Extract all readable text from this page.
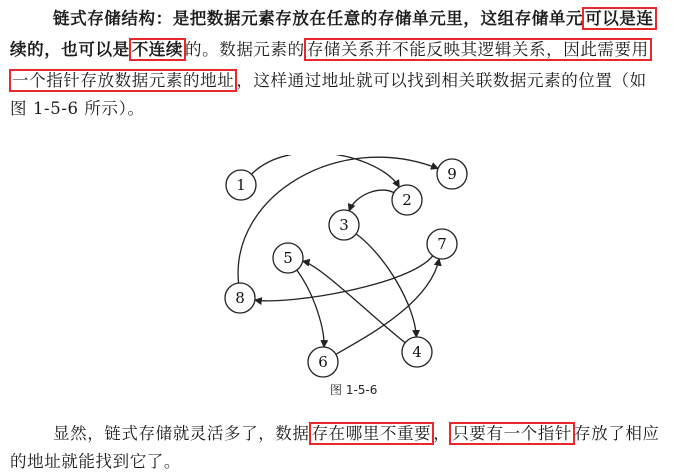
链式存储结构：是把数据元素存放在任意的存储单元里，这组存储单元 可以是连
续的，也可以是 不连续 的。数据元素的 存储关系并不能反映其逻辑关系，因此需要用
一个指针存放数据元素的地址 ，这样通过地址就可以找到相关联数据元素的位置（如
图 1-5-6 所示）。
1
2
3
4
5
6
7
8
9
图 1-5-6
显然，链式存储就灵活多了，数据 存在哪里不重要 ， 只要有一个指针 存放了相应
的地址就能找到它了。
